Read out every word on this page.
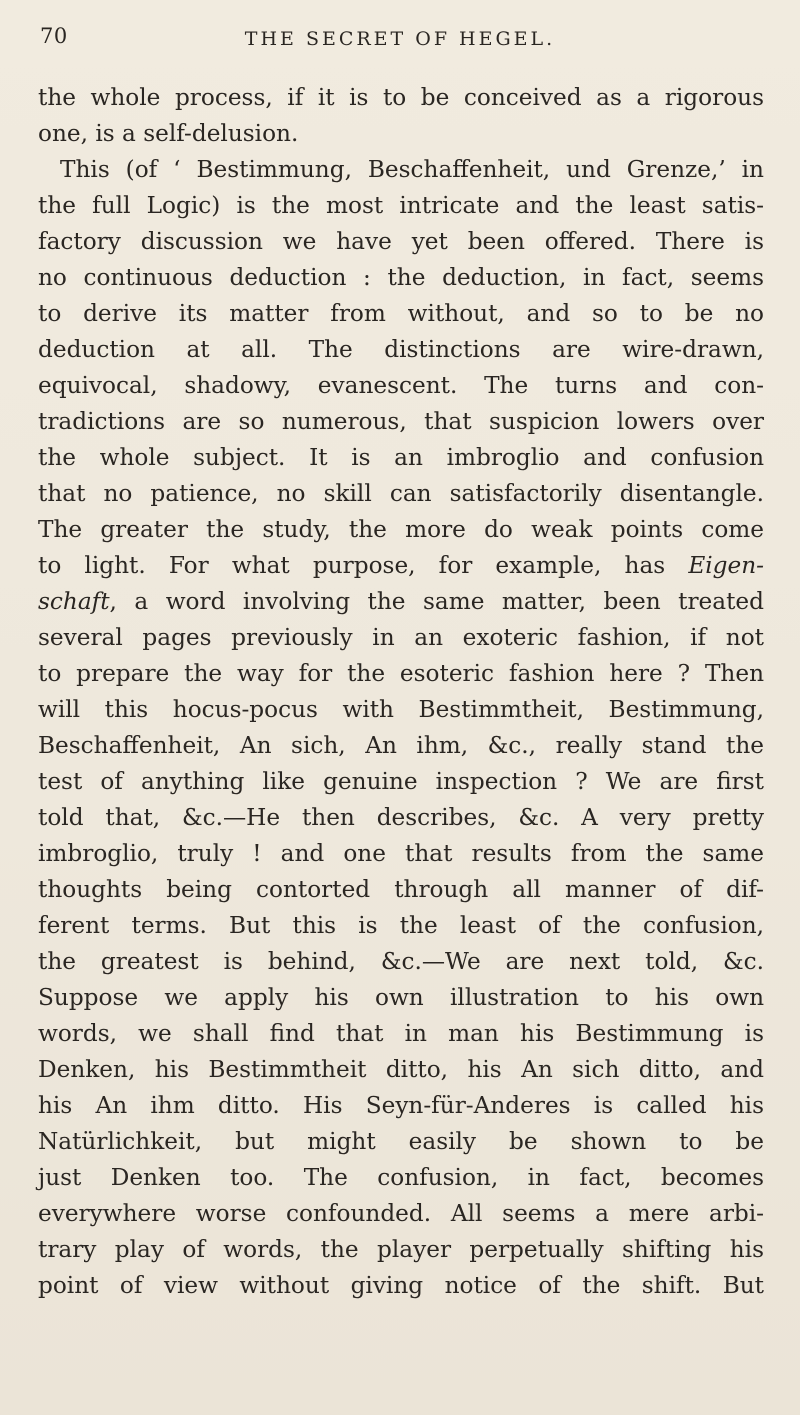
70	THE SECRET OF HEGEL.
the whole process, if it is to be conceived as a rigorous
one, is a self-delusion.
This (of ‘ Bestimmung, Beschaffenheit, und Grenze,’ in
the full Logic) is the most intricate and the least satis-
factory discussion we have yet been offered. There is
no continuous deduction : the deduction, in fact, seems
to derive its matter from without, and so to be no
deduction at all. The distinctions are wire-drawn,
equivocal, shadowy, evanescent. The turns and con-
tradictions are so numerous, that suspicion lowers over
the whole subject. It is an imbroglio and confusion
that no patience, no skill can satisfactorily disentangle.
The greater the study, the more do weak points come
to light. For what purpose, for example, has Eigen-
schaft, a word involving the same matter, been treated
several pages previously in an exoteric fashion, if not
to prepare the way for the esoteric fashion here ? Then
will this hocus-pocus with Bestimmtheit, Bestimmung,
Beschaffenheit, An sich, An ihm, &c., really stand the
test of anything like genuine inspection ? We are first
told that, &c.—He then describes, &c. A very pretty
imbroglio, truly ! and one that results from the same
thoughts being contorted through all manner of dif-
ferent terms. But this is the least of the confusion,
the greatest is behind, &c.—We are next told, &c.
Suppose we apply his own illustration to his own
words, we shall find that in man his Bestimmung is
Denken, his Bestimmtheit ditto, his An sich ditto, and
his An ihm ditto. His Seyn-für-Anderes is called his
Natürlichkeit, but might easily be shown to be
just Denken too. The confusion, in fact, becomes
everywhere worse confounded. All seems a mere arbi-
trary play of words, the player perpetually shifting his
point of view without giving notice of the shift. But
